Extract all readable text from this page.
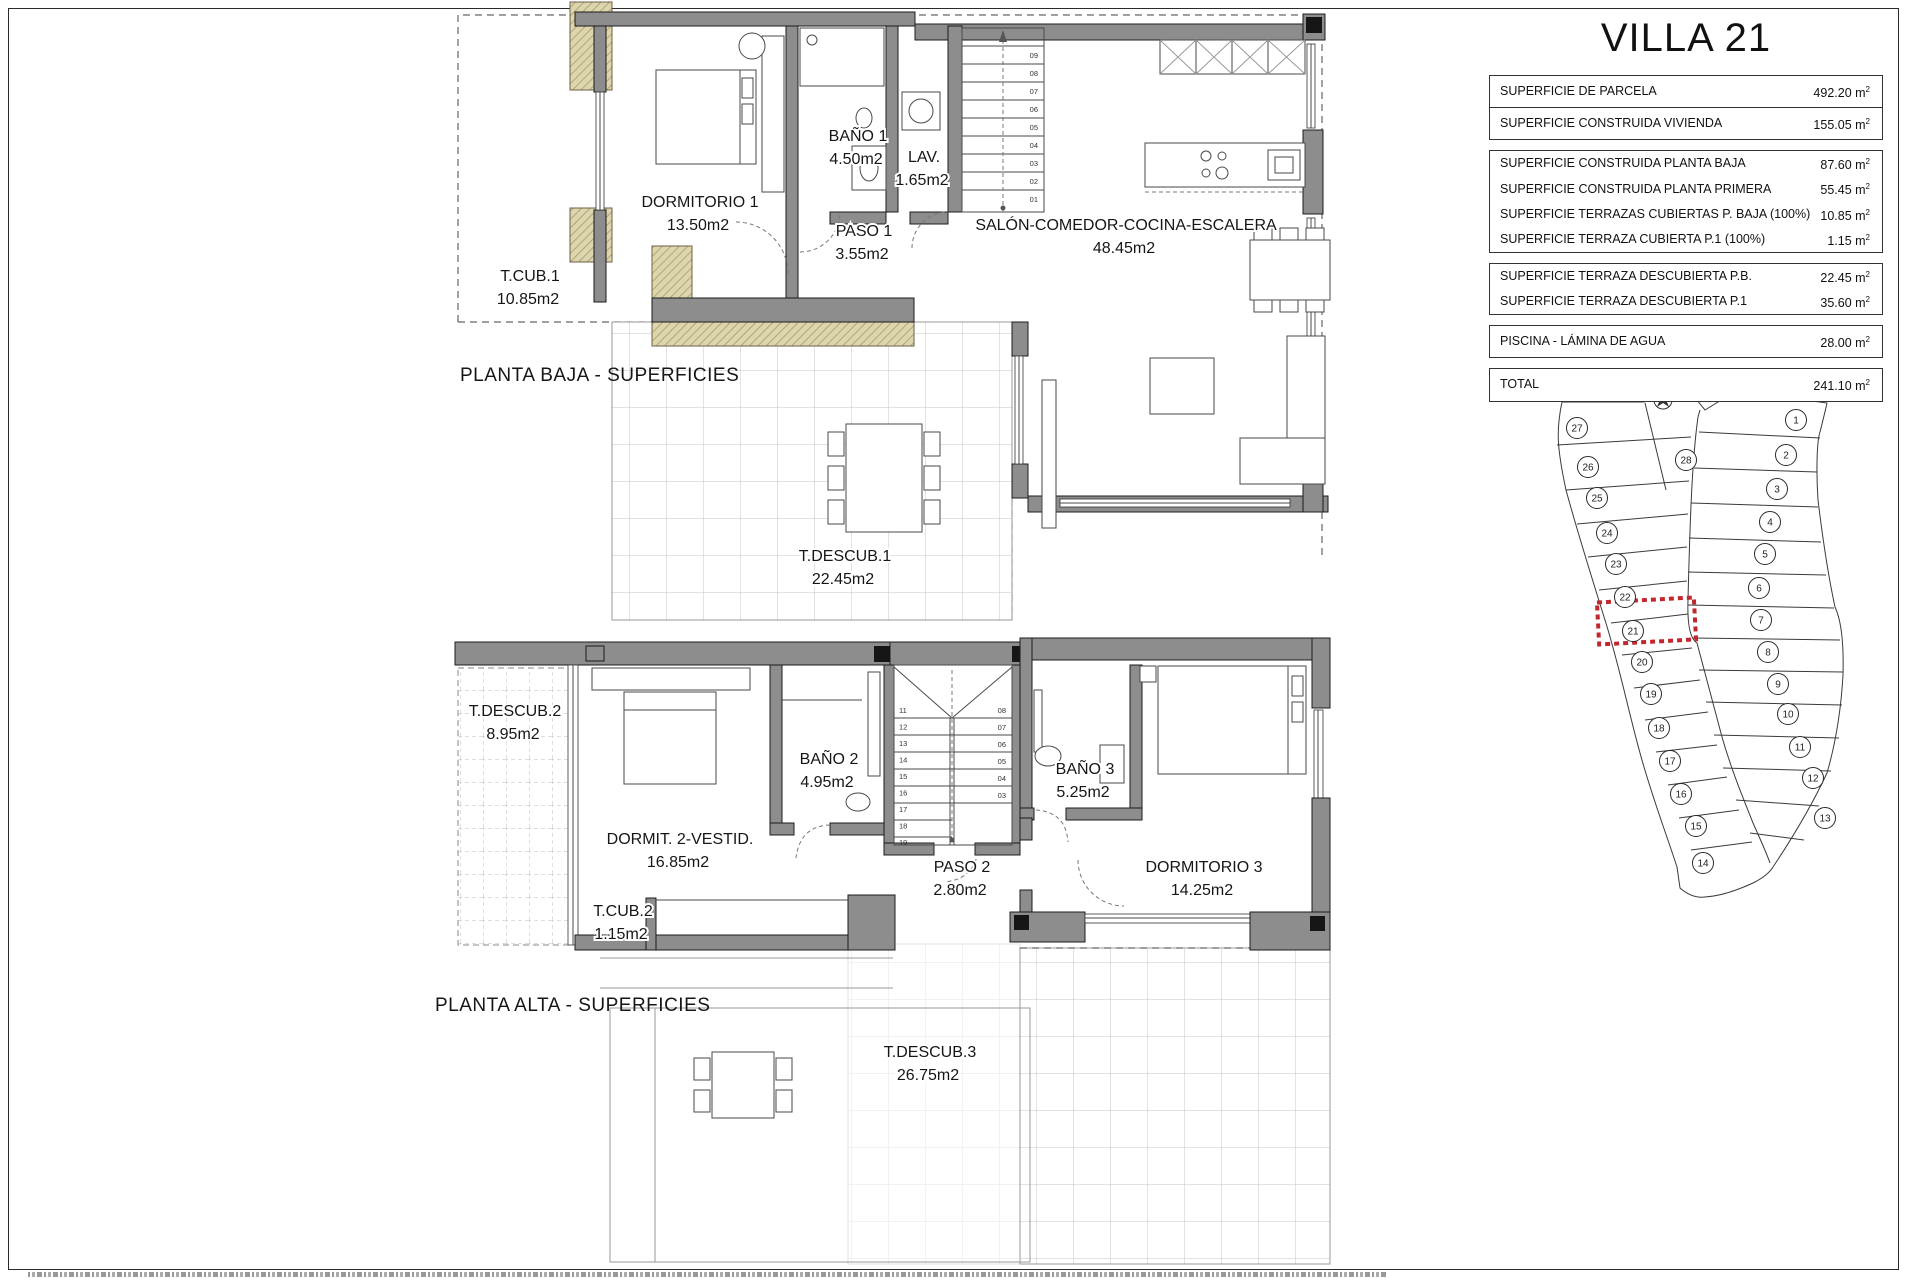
PLANTA BAJA - SUPERFICIES
PLANTA ALTA - SUPERFICIES
1
2
3
4
5
6
7
8
9
10
11
12
13
14
15
16
17
18
19
20
21
22
23
24
25
26
27
28
DORMITORIO 1
13.50m2
BAÑO 1
4.50m2 LAV.
1.65m2
PASO 1
3.55m2
SALÓN-COMEDOR-COCINA-ESCALERA
48.45m2
T.CUB.1
10.85m2
T.DESCUB.1
22.45m2
T.DESCUB.2
8.95m2
DORMIT. 2-VESTID.
16.85m2
BAÑO 2
4.95m2
BAÑO 3
5.25m2
PASO 2
2.80m2
DORMITORIO 3
14.25m2
T.CUB.2
1.15m2
T.DESCUB.3
26.75m2
01
02
03
04
05
06
07
08
09
11
12
13
14
15
16
17
18
19
08
07
06
05
04
03
VILLA 21
SUPERFICIE DE PARCELA	492.20 $m^2$
SUPERFICIE CONSTRUIDA VIVIENDA	155.05 $m^2$
SUPERFICIE CONSTRUIDA PLANTA BAJA	87.60 $m^2$
SUPERFICIE CONSTRUIDA PLANTA PRIMERA	55.45 $m^2$
SUPERFICIE TERRAZAS CUBIERTAS P. BAJA (100%) 10.85 $m^2$
SUPERFICIE TERRAZA CUBIERTA P.1 (100%)	1.15 $m^2$
SUPERFICIE TERRAZA DESCUBIERTA P.B.	22.45 $m^2$
SUPERFICIE TERRAZA DESCUBIERTA P.1	35.60 $m^2$
PISCINA - LÁMINA DE AGUA	28.00 $m^2$
TOTAL	241.10 $m^2$
